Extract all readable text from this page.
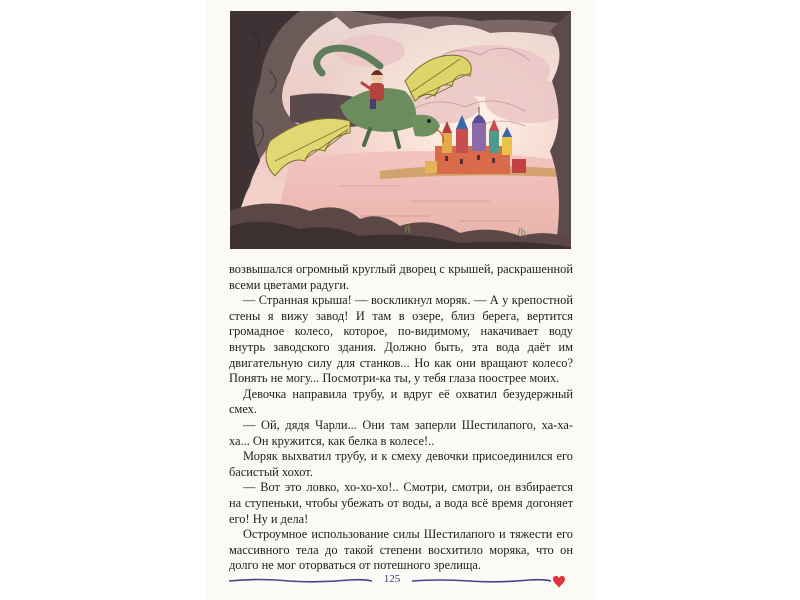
возвышался огромный круглый дворец с крышей, раскрашенной всеми цветами радуги.

— Странная крыша! — воскликнул моряк. — А у крепостной стены я вижу завод! И там в озере, близ берега, вертится громадное колесо, которое, по-видимому, накачивает воду внутрь заводского здания. Должно быть, эта вода даёт им двигательную силу для станков... Но как они вращают колесо? Понять не могу... Посмотри-ка ты, у тебя глаза поострее моих.

Девочка направила трубу, и вдруг её охватил безудержный смех.

— Ой, дядя Чарли... Они там заперли Шестилапого, ха-ха-ха... Он кружится, как белка в колесе!..

Моряк выхватил трубу, и к смеху девочки присоединился его басистый хохот.

— Вот это ловко, хо-хо-хо!.. Смотри, смотри, он взбирается на ступеньки, чтобы убежать от воды, а вода всё время догоняет его! Ну и дела!

Остроумное использование силы Шестилапого и тяжести его массивного тела до такой степени восхитило моряка, что он долго не мог оторваться от потешного зрелища.

125
